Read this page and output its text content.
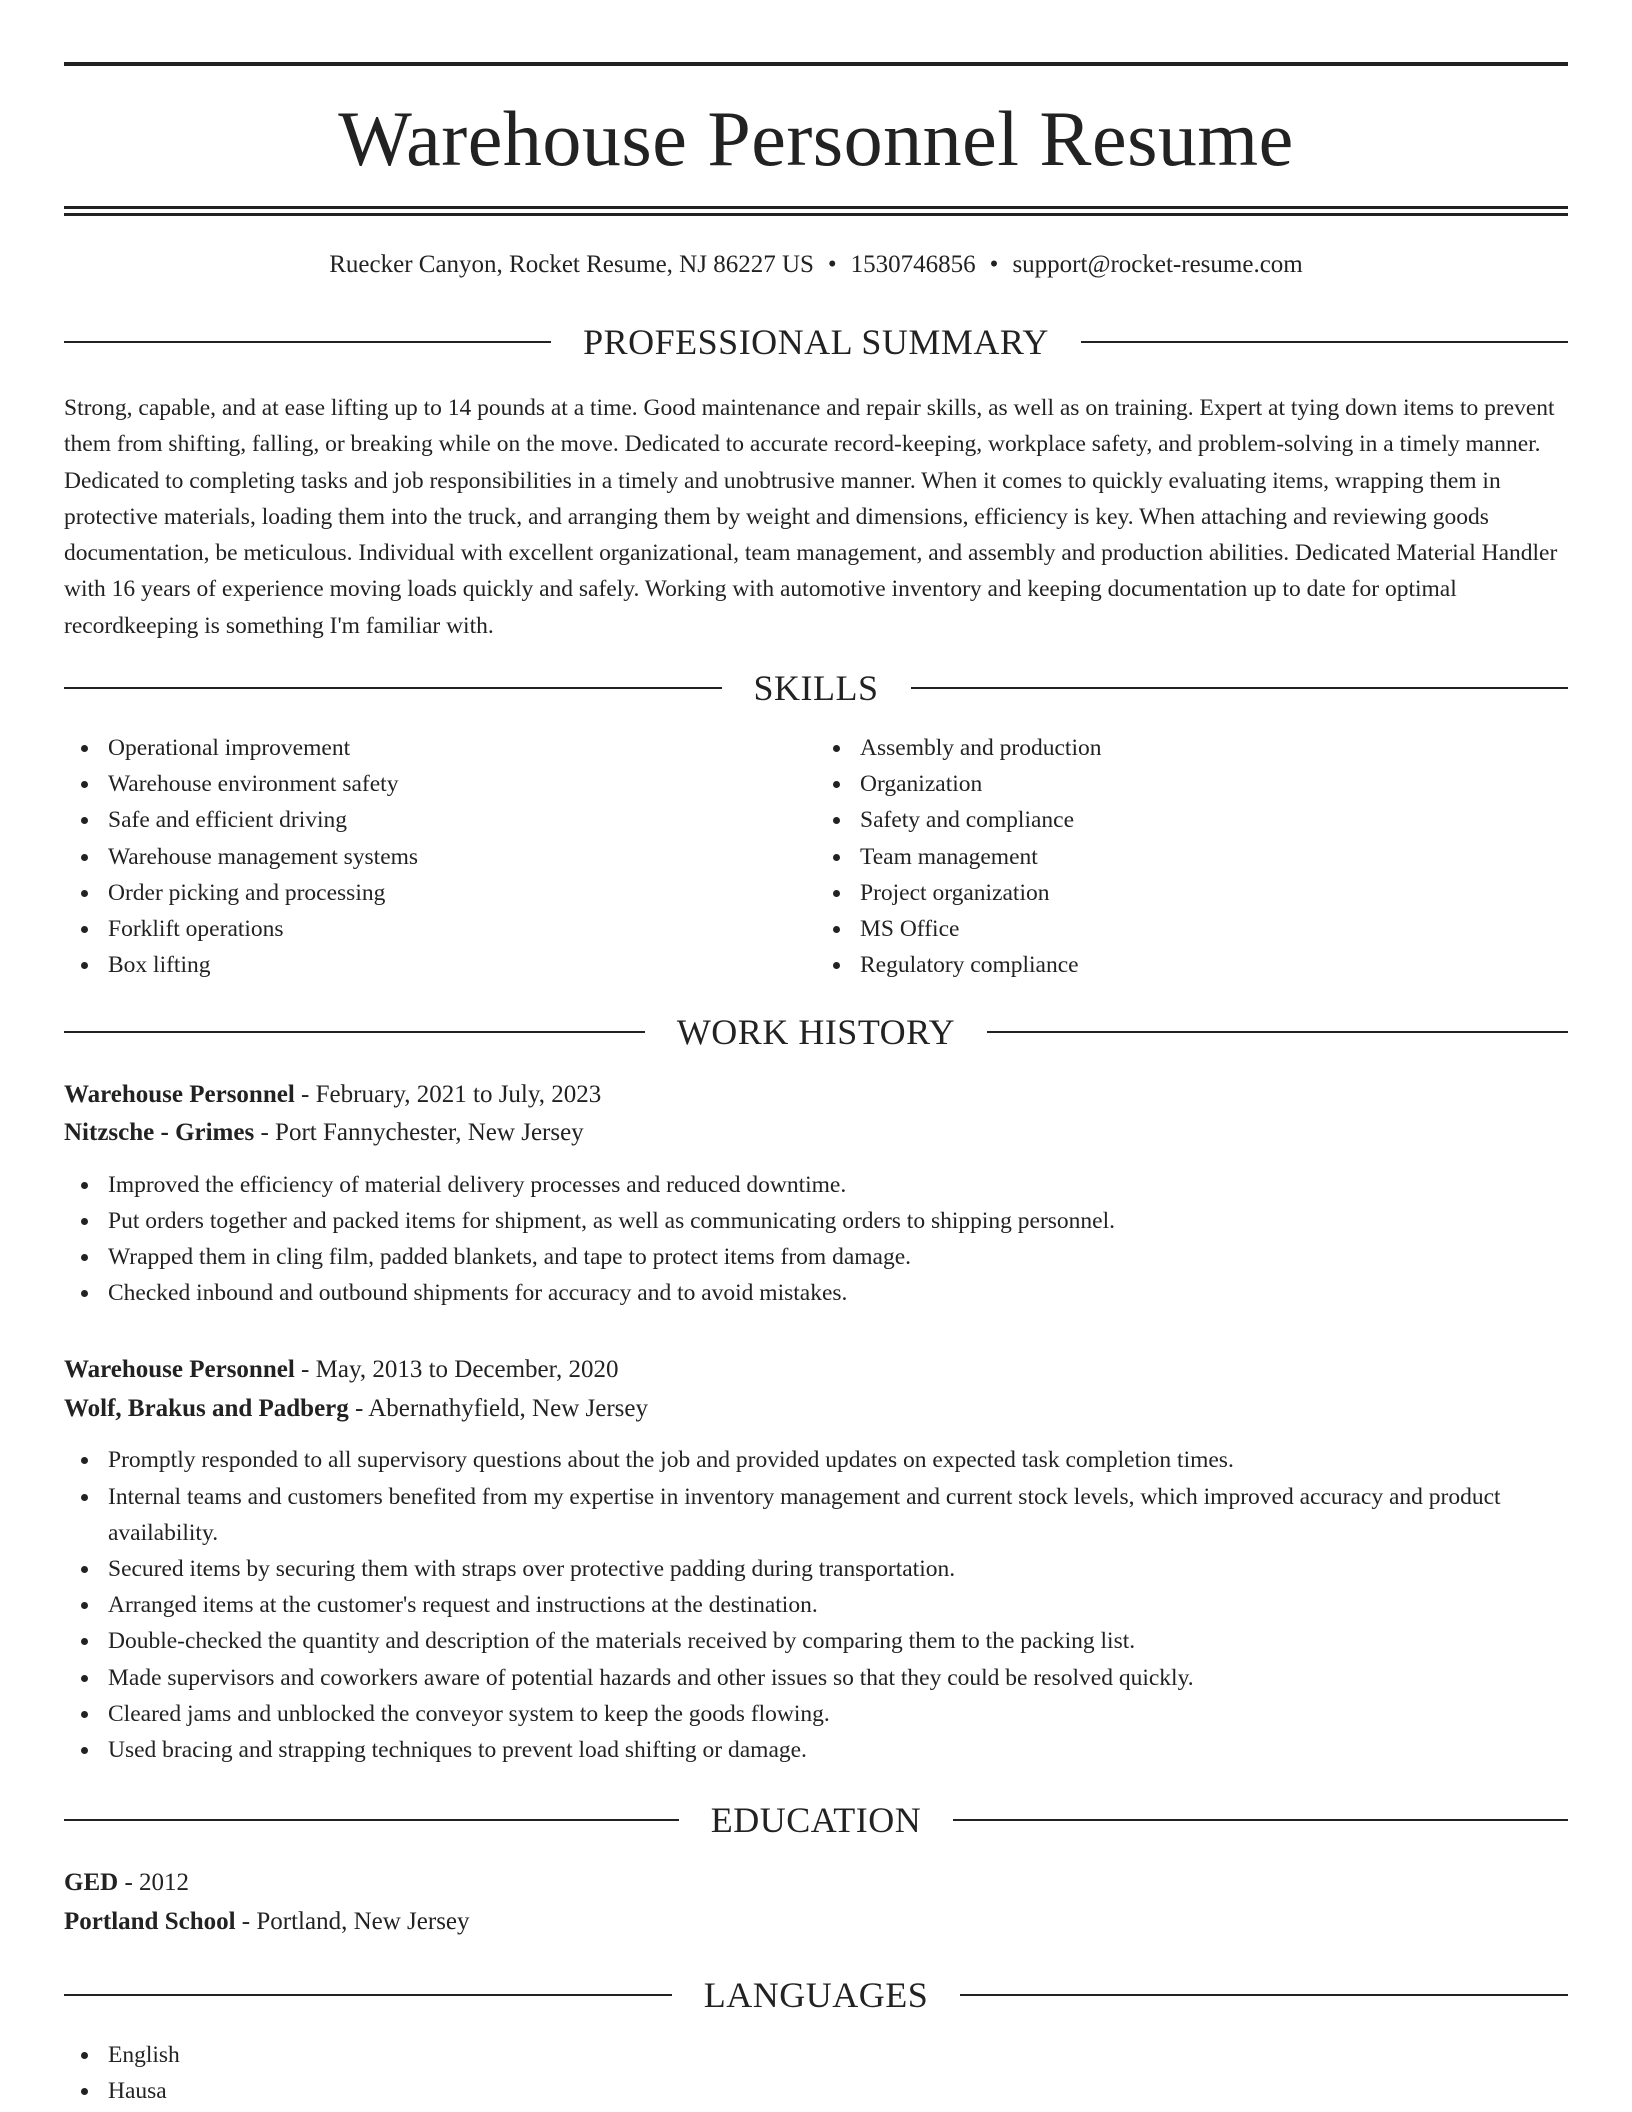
Warehouse Personnel Resume
Ruecker Canyon, Rocket Resume, NJ 86227 US • 1530746856 • support@rocket-resume.com
PROFESSIONAL SUMMARY

Strong, capable, and at ease lifting up to 14 pounds at a time. Good maintenance and repair skills, as well as on training. Expert at tying down items to prevent them from shifting, falling, or breaking while on the move. Dedicated to accurate record-keeping, workplace safety, and problem-solving in a timely manner. Dedicated to completing tasks and job responsibilities in a timely and unobtrusive manner. When it comes to quickly evaluating items, wrapping them in protective materials, loading them into the truck, and arranging them by weight and dimensions, efficiency is key. When attaching and reviewing goods documentation, be meticulous. Individual with excellent organizational, team management, and assembly and production abilities. Dedicated Material Handler with 16 years of experience moving loads quickly and safely. Working with automotive inventory and keeping documentation up to date for optimal recordkeeping is something I'm familiar with.

SKILLS
Operational improvement
Warehouse environment safety
Safe and efficient driving
Warehouse management systems
Order picking and processing
Forklift operations
Box lifting
Assembly and production
Organization
Safety and compliance
Team management
Project organization
MS Office
Regulatory compliance
WORK HISTORY
Warehouse Personnel - February, 2021 to July, 2023
Nitzsche - Grimes - Port Fannychester, New Jersey
Improved the efficiency of material delivery processes and reduced downtime.
Put orders together and packed items for shipment, as well as communicating orders to shipping personnel.
Wrapped them in cling film, padded blankets, and tape to protect items from damage.
Checked inbound and outbound shipments for accuracy and to avoid mistakes.
Warehouse Personnel - May, 2013 to December, 2020
Wolf, Brakus and Padberg - Abernathyfield, New Jersey
Promptly responded to all supervisory questions about the job and provided updates on expected task completion times.
Internal teams and customers benefited from my expertise in inventory management and current stock levels, which improved accuracy and product availability.
Secured items by securing them with straps over protective padding during transportation.
Arranged items at the customer's request and instructions at the destination.
Double-checked the quantity and description of the materials received by comparing them to the packing list.
Made supervisors and coworkers aware of potential hazards and other issues so that they could be resolved quickly.
Cleared jams and unblocked the conveyor system to keep the goods flowing.
Used bracing and strapping techniques to prevent load shifting or damage.
EDUCATION
GED - 2012
Portland School - Portland, New Jersey
LANGUAGES
English
Hausa
